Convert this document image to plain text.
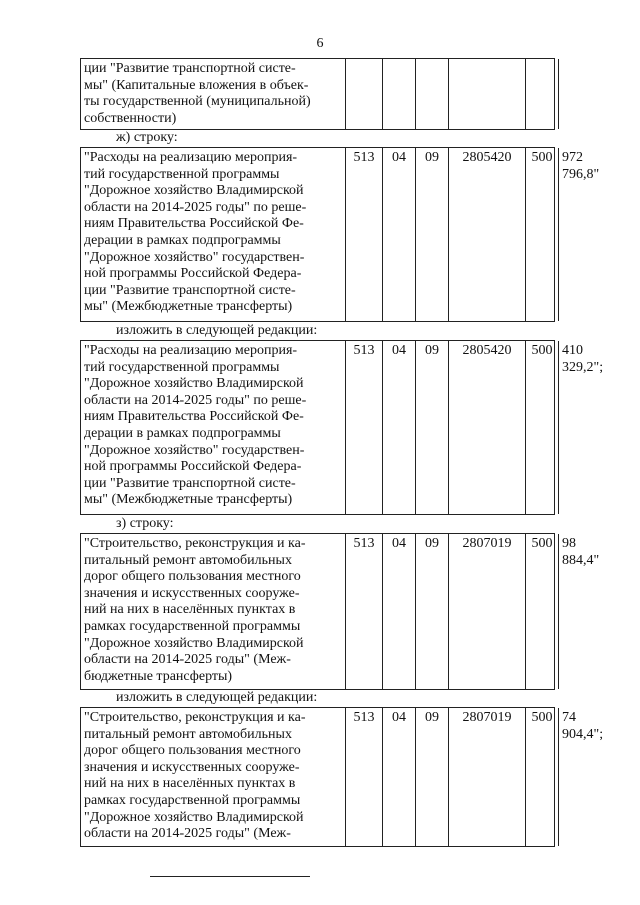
6
ции "Развитие транспортной систе-
мы" (Капитальные вложения в объек-
ты государственной (муниципальной)
собственности)

ж) строку:
"Расходы на реализацию мероприя-
тий государственной программы
"Дорожное хозяйство Владимирской
области на 2014-2025 годы" по реше-
ниям Правительства Российской Фе-
дерации в рамках подпрограммы
"Дорожное хозяйство" государствен-
ной программы Российской Федера-
ции "Развитие транспортной систе-
мы" (Межбюджетные трансферты)
	513	04	09	2805420	500	972 796,8"
изложить в следующей редакции:
"Расходы на реализацию мероприя-
тий государственной программы
"Дорожное хозяйство Владимирской
области на 2014-2025 годы" по реше-
ниям Правительства Российской Фе-
дерации в рамках подпрограммы
"Дорожное хозяйство" государствен-
ной программы Российской Федера-
ции "Развитие транспортной систе-
мы" (Межбюджетные трансферты)
	513	04	09	2805420	500	410 329,2";
з) строку:
"Строительство, реконструкция и ка-
питальный ремонт автомобильных
дорог общего пользования местного
значения и искусственных сооруже-
ний на них в населённых пунктах в
рамках государственной программы
"Дорожное хозяйство Владимирской
области на 2014-2025 годы" (Меж-
бюджетные трансферты)
	513	04	09	2807019	500	98 884,4"
изложить в следующей редакции:
"Строительство, реконструкция и ка-
питальный ремонт автомобильных
дорог общего пользования местного
значения и искусственных сооруже-
ний на них в населённых пунктах в
рамках государственной программы
"Дорожное хозяйство Владимирской
области на 2014-2025 годы" (Меж-
	513	04	09	2807019	500	74 904,4";
